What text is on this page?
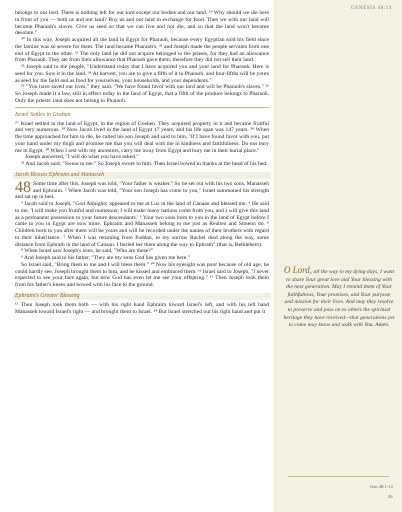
GENESIS 48:14

belongs to our lord. There is nothing left for our lord except our bodies and our land. ¹⁹ Why should we die here in front of you — both us and our land? Buy us and our land in exchange for food. Then we with our land will become Pharaoh's slaves. Give us seed so that we can live and not die, and so that the land won't become desolate."

²⁰ In this way, Joseph acquired all the land in Egypt for Pharaoh, because every Egyptian sold his field since the famine was so severe for them. The land became Pharaoh's, ²¹ and Joseph made the people servants from one end of Egypt to the other. ²² The only land he did not acquire belonged to the priests, for they had an allowance from Pharaoh. They ate from their allowance that Pharaoh gave them; therefore they did not sell their land.

²³ Joseph said to the people, "Understand today that I have acquired you and your land for Pharaoh. Here is seed for you. Sow it in the land. ²⁴ At harvest, you are to give a fifth of it to Pharaoh, and four-fifths will be yours as seed for the field and as food for yourselves, your households, and your dependents."

²⁵ "You have saved our lives," they said. "We have found favor with our lord and will be Pharaoh's slaves." ²⁶ So Joseph made it a law, still in effect today in the land of Egypt, that a fifth of the produce belongs to Pharaoh. Only the priests' land does not belong to Pharaoh.

Israel Settles in Goshen

²⁷ Israel settled in the land of Egypt, in the region of Goshen. They acquired property in it and became fruitful and very numerous. ²⁸ Now Jacob lived in the land of Egypt 17 years, and his life span was 147 years. ²⁹ When the time approached for him to die, he called his son Joseph and said to him, "If I have found favor with you, put your hand under my thigh and promise me that you will deal with me in kindness and faithfulness. Do not bury me in Egypt. ³⁰ When I rest with my ancestors, carry me away from Egypt and bury me in their burial place."

Joseph answered, "I will do what you have asked."

³¹ And Jacob said, "Swear to me." So Joseph swore to him. Then Israel bowed in thanks at the head of his bed.

Jacob Blesses Ephraim and Manasseh

48 Some time after this, Joseph was told, "Your father is weaker." So he set out with his two sons, Manasseh and Ephraim. ² When Jacob was told, "Your son Joseph has come to you," Israel summoned his strength and sat up in bed.

³ Jacob said to Joseph, "God Almighty appeared to me at Luz in the land of Canaan and blessed me. ⁴ He said to me, 'I will make you fruitful and numerous; I will make many nations come from you, and I will give this land as a permanent possession to your future descendants.' ⁵ Your two sons born to you in the land of Egypt before I came to you in Egypt are now mine. Ephraim and Manasseh belong to me just as Reuben and Simeon do. ⁶ Children born to you after them will be yours and will be recorded under the names of their brothers with regard to their inheritance. ⁷ When I was returning from Paddan, to my sorrow Rachel died along the way, some distance from Ephrath in the land of Canaan. I buried her there along the way to Ephrath" (that is, Bethlehem).

⁸ When Israel saw Joseph's sons, he said, "Who are these?"

⁹ And Joseph said to his father, "They are my sons God has given me here."

So Israel said, "Bring them to me and I will bless them." ¹⁰ Now his eyesight was poor because of old age; he could hardly see. Joseph brought them to him, and he kissed and embraced them. ¹¹ Israel said to Joseph, "I never expected to see your face again, but now God has even let me see your offspring." ¹² Then Joseph took them from his father's knees and bowed with his face to the ground.

Ephraim's Greater Blessing

¹³ Then Joseph took them both — with his right hand Ephraim toward Israel's left, and with his left hand Manasseh toward Israel's right — and brought them to Israel. ¹⁴ But Israel stretched out his right hand and put it

O Lord, all the way to my dying days, I want to share Your great love and Your blessing with the next generation. May I remind them of Your faithfulness, Your promises, and Your purpose and mission for their lives. And may they resolve to preserve and pass on to others the spiritual heritage they have received—that generations yet to come may know and walk with You. Amen.
Gen 48:1-12
49
